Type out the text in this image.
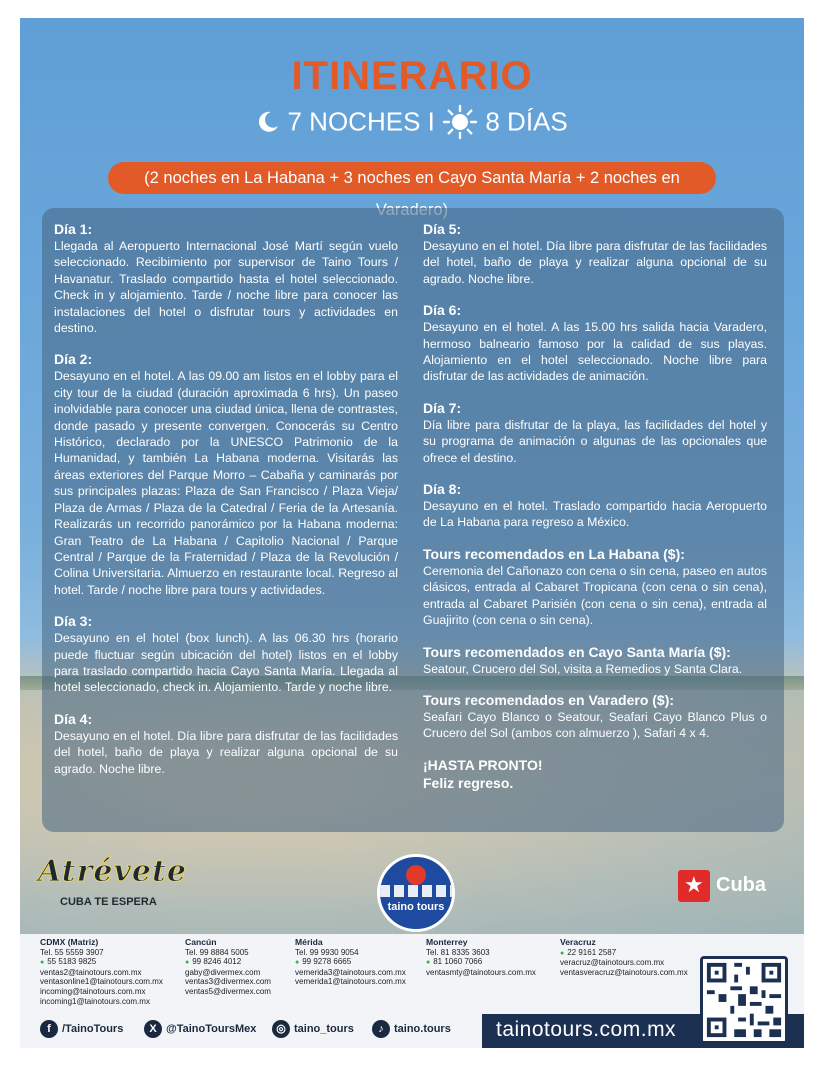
ITINERARIO
7 NOCHES I 8 DÍAS
(2 noches en La Habana + 3 noches en Cayo Santa María + 2 noches en
Día 1:

Llegada al Aeropuerto Internacional José Martí según vuelo seleccionado. Recibimiento por supervisor de Taino Tours / Havanatur. Traslado compartido hasta el hotel seleccionado. Check in y alojamiento. Tarde / noche libre para conocer las instalaciones del hotel o disfrutar tours y actividades en destino.

Día 2:

Desayuno en el hotel. A las 09.00 am listos en el lobby para el city tour de la ciudad (duración aproximada 6 hrs). Un paseo inolvidable para conocer una ciudad única, llena de contrastes, donde pasado y presente convergen. Conocerás su Centro Histórico, declarado por la UNESCO Patrimonio de la Humanidad, y también La Habana moderna. Visitarás las áreas exteriores del Parque Morro – Cabaña y caminarás por sus principales plazas: Plaza de San Francisco / Plaza Vieja/ Plaza de Armas / Plaza de la Catedral / Feria de la Artesanía. Realizarás un recorrido panorámico por la Habana moderna: Gran Teatro de La Habana / Capitolio Nacional / Parque Central / Parque de la Fraternidad / Plaza de la Revolución / Colina Universitaria. Almuerzo en restaurante local. Regreso al hotel. Tarde / noche libre para tours y actividades.

Día 3:

Desayuno en el hotel (box lunch). A las 06.30 hrs (horario puede fluctuar según ubicación del hotel) listos en el lobby para traslado compartido hacia Cayo Santa María. Llegada al hotel seleccionado, check in. Alojamiento. Tarde y noche libre.

Día 4:

Desayuno en el hotel. Día libre para disfrutar de las facilidades del hotel, baño de playa y realizar alguna opcional de su agrado. Noche libre.

Día 5:

Desayuno en el hotel. Día libre para disfrutar de las facilidades del hotel, baño de playa y realizar alguna opcional de su agrado. Noche libre.

Día 6:

Desayuno en el hotel. A las 15.00 hrs salida hacia Varadero, hermoso balneario famoso por la calidad de sus playas. Alojamiento en el hotel seleccionado. Noche libre para disfrutar de las actividades de animación.

Día 7:

Día libre para disfrutar de la playa, las facilidades del hotel y su programa de animación o algunas de las opcionales que ofrece el destino.

Día 8:

Desayuno en el hotel. Traslado compartido hacia Aeropuerto de La Habana para regreso a México.

Tours recomendados en La Habana ($):

Ceremonia del Cañonazo con cena o sin cena, paseo en autos clásicos, entrada al Cabaret Tropicana (con cena o sin cena), entrada al Cabaret Parisién (con cena o sin cena), entrada al Guajirito (con cena o sin cena).

Tours recomendados en Cayo Santa María ($):

Seatour, Crucero del Sol, visita a Remedios y Santa Clara.

Tours recomendados en Varadero ($):

Seafari Cayo Blanco o Seatour, Seafari Cayo Blanco Plus o Crucero del Sol (ambos con almuerzo ), Safari 4 x 4.

¡HASTA PRONTO!
Feliz regreso.
Atrévete
CUBA TE ESPERA	taino tours
★ Cuba
CDMX (Matriz)
Tel. 55 5559 3907
● 55 5183 9825
ventas2@tainotours.com.mx
ventasonline1@tainotours.com.mx
incoming@tainotours.com.mx
incoming1@tainotours.com.mx
Cancún
Tel. 99 8884 5005
● 99 8246 4012
gaby@divermex.com
ventas3@divermex.com
ventas5@divermex.com
Mérida
Tel. 99 9930 9054
● 99 9278 6665
vemerida3@tainotours.com.mx
vemerida1@tainotours.com.mx
Monterrey
Tel. 81 8335 3603
● 81 1060 7066
ventasmty@tainotours.com.mx
Veracruz
● 22 9161 2587
veracruz@tainotours.com.mx
ventasveracruz@tainotours.com.mx
f /TainoTours	X @TainoToursMex	◎ taino_tours	♪ taino.tours tainotours.com.mx
